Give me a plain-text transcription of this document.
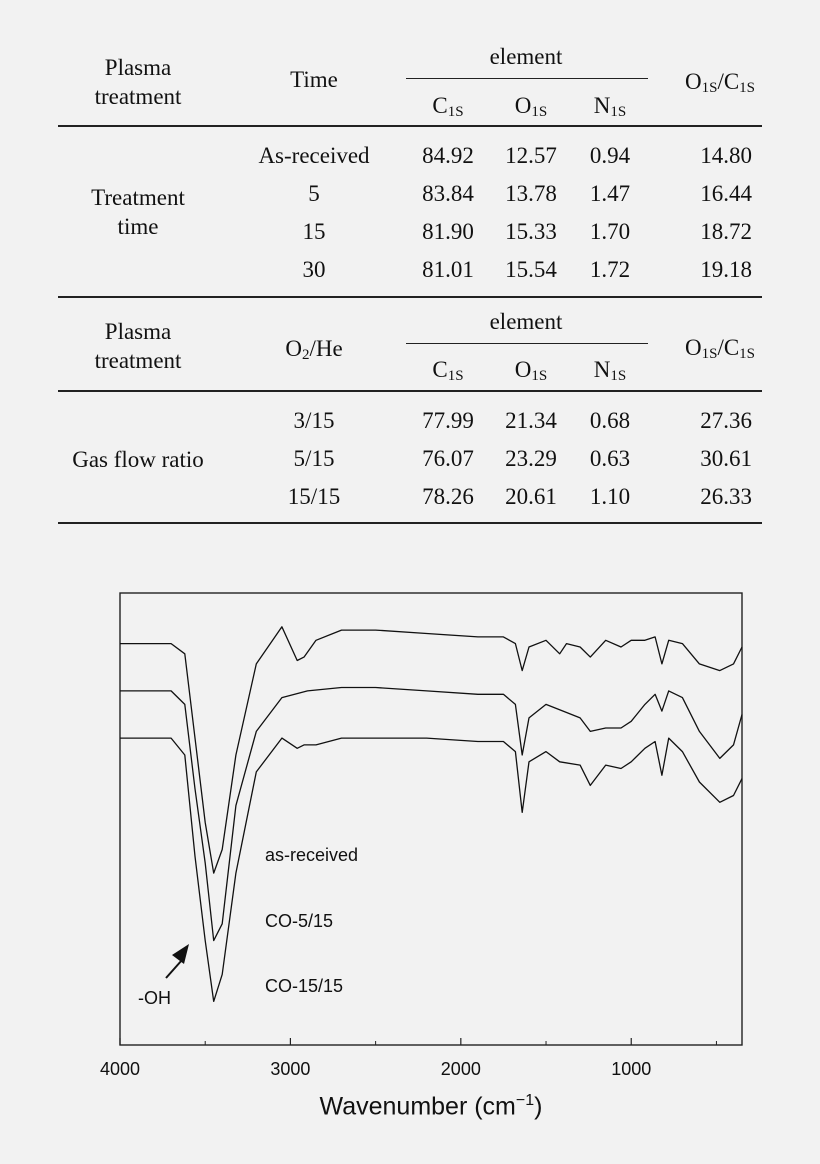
Plasma
treatment
Time
element
O1S/C1S
C1S O1S N1S
Treatment
time
As-received 84.92 12.57 0.94	14.80
5	83.84 13.78 1.47	16.44
15	81.90 15.33 1.70	18.72
30	81.01 15.54 1.72	19.18
Plasma
treatment	O2/He
element
O1S/C1S
C1S O1S N1S
Gas flow ratio
3/15	77.99 21.34 0.68	27.36
5/15	76.07 23.29 0.63	30.61
15/15	78.26 20.61 1.10	26.33
4000	3000	2000	1000
-OH
as-received
CO-5/15
CO-15/15
Wavenumber $(cm^{-1})$
